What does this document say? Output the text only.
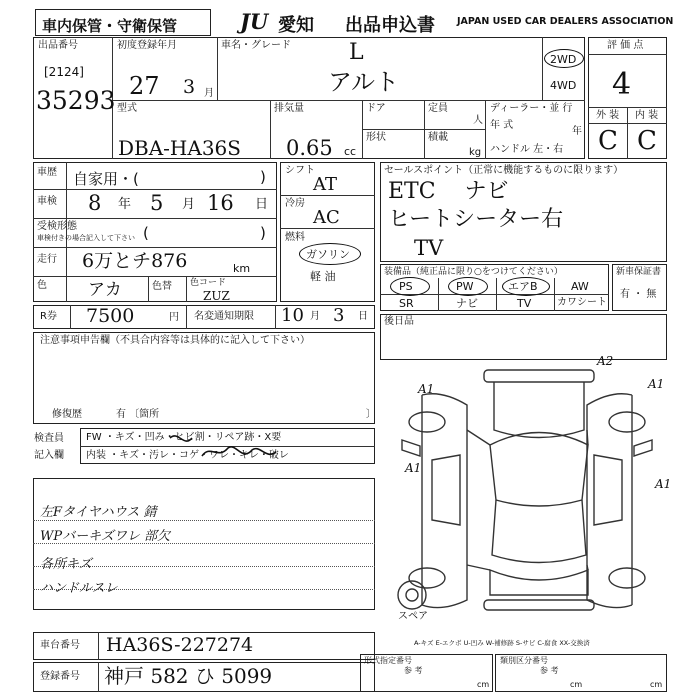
車内保管・守衛保管	JU 愛知 出品申込書 JAPAN USED CAR DEALERS ASSOCIATION
出品番号
[2124]
35293
初度登録年月
27 3 月
車名・グレード	L
アルト
2WD
4WD
評 価 点
4
外 装 内 装
C C
型式
DBA-HA36S
排気量
0.65 cc
ドア
形状
定員
人
積載
kg
ディーラー・並 行
年 式
年
ハンドル 左・右
車歴 自家用・(	)
車検 8 年 5 月 16 日
受検形態
車検付きの場合記入して下さい (	)
走行 6万とチ876	km
色 アカ	色替 色コード
ZUZ
シフト
AT
冷房
AC
燃料
ガソリン
軽 油
セールスポイント（正常に機能するものに限ります）
ETC ナビ
ヒートシーター右
TV
装備品（純正品に限り○をつけてください）
PS	PW	エアB	AW
SR	ナビ	TV	カワシート
新車保証書
有 ・ 無
R券 7500	円 名変通知期限 10 月 3 日
注意事項申告欄（不具合内容等は具体的に記入して下さい）
修復歴	有 〔箇所	〕
後日品
検査員
記入欄
FW ・キズ・凹み・ヒビ割・リペア跡・X要
内装 ・キズ・汚レ・コゲ・ワレ・キレ・破レ
左Fタイヤハウス 錆
WPバーキズワレ 部欠
各所キズ
ハンドルスレ
A2
A1	A1
A1
A1
スペア
A-キズ E-エクボ U-凹み W-補修跡 S-サビ C-腐食 XX-交換済
車台番号 HA36S-227274
登録番号 神戸 582 ひ 5099
形式指定番号
参 考
cm
類別区分番号
参 考
cm	cm
